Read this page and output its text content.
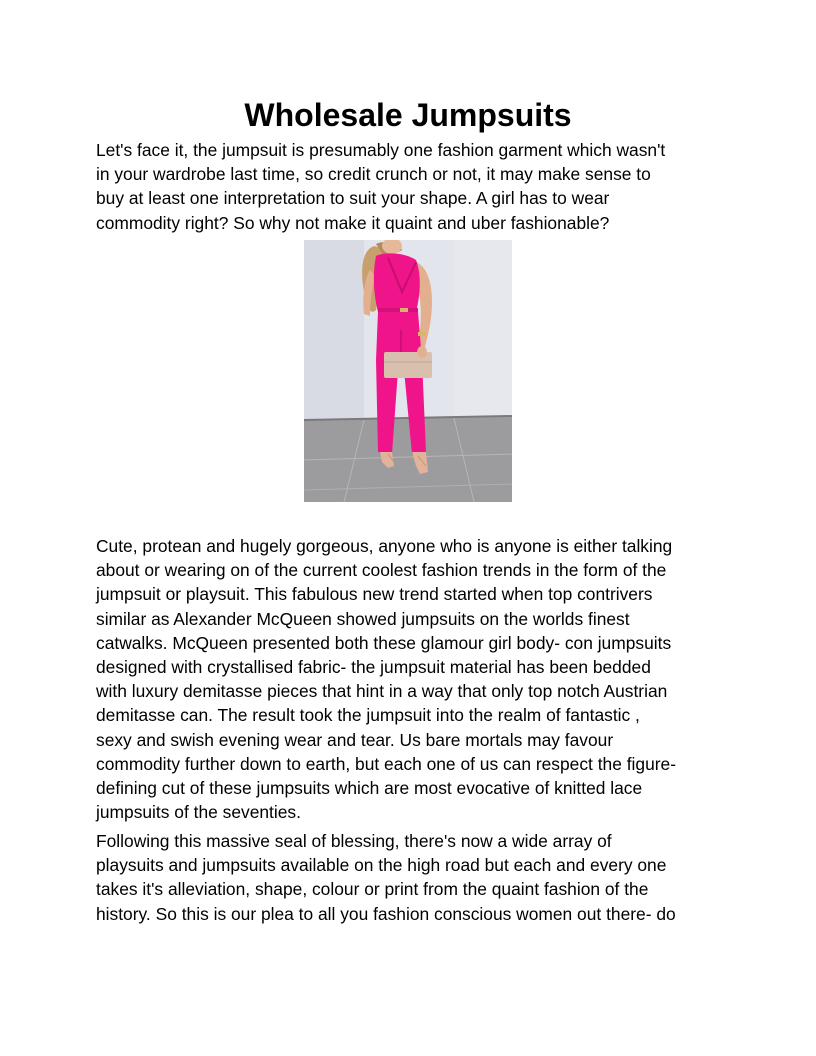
Wholesale Jumpsuits

Let's face it, the jumpsuit is presumably one fashion garment which wasn't
in your wardrobe last time, so credit crunch or not, it may make sense to
buy at least one interpretation to suit your shape. A girl has to wear
commodity right? So why not make it quaint and uber fashionable?

Cute, protean and hugely gorgeous, anyone who is anyone is either talking
about or wearing on of the current coolest fashion trends in the form of the
jumpsuit or playsuit. This fabulous new trend started when top contrivers
similar as Alexander McQueen showed jumpsuits on the worlds finest
catwalks. McQueen presented both these glamour girl body- con jumpsuits
designed with crystallised fabric- the jumpsuit material has been bedded
with luxury demitasse pieces that hint in a way that only top notch Austrian
demitasse can. The result took the jumpsuit into the realm of fantastic ,
sexy and swish evening wear and tear. Us bare mortals may favour
commodity further down to earth, but each one of us can respect the figure-
defining cut of these jumpsuits which are most evocative of knitted lace
jumpsuits of the seventies.

Following this massive seal of blessing, there's now a wide array of
playsuits and jumpsuits available on the high road but each and every one
takes it's alleviation, shape, colour or print from the quaint fashion of the
history. So this is our plea to all you fashion conscious women out there- do
